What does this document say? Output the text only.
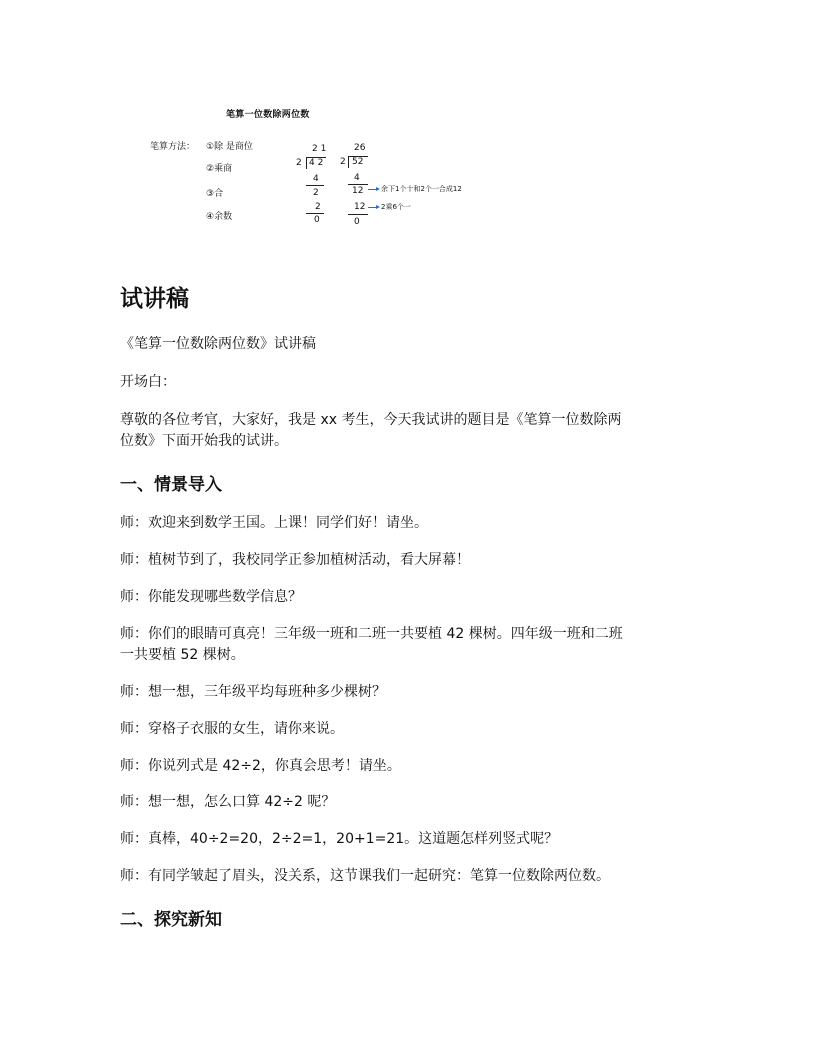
笔算一位数除两位数
笔算方法： ①除 是商位
②乘商
③合
④余数
2 1
2 4 2
4
2
2
0
26
2 52
4
12
12
0
余下1个十和2个一合成12
2乘6个一
试讲稿
《笔算一位数除两位数》试讲稿
开场白：
尊敬的各位考官，大家好，我是 xx 考生，今天我试讲的题目是《笔算一位数除两
位数》下面开始我的试讲。
一、情景导入
师：欢迎来到数学王国。上课！同学们好！请坐。
师：植树节到了，我校同学正参加植树活动，看大屏幕！
师：你能发现哪些数学信息？
师：你们的眼睛可真亮！三年级一班和二班一共要植 42 棵树。四年级一班和二班
一共要植 52 棵树。
师：想一想，三年级平均每班种多少棵树？
师：穿格子衣服的女生，请你来说。
师：你说列式是 42÷2，你真会思考！请坐。
师：想一想，怎么口算 42÷2 呢？
师：真棒，40÷2=20，2÷2=1，20+1=21。这道题怎样列竖式呢？
师：有同学皱起了眉头，没关系，这节课我们一起研究：笔算一位数除两位数。
二、探究新知
